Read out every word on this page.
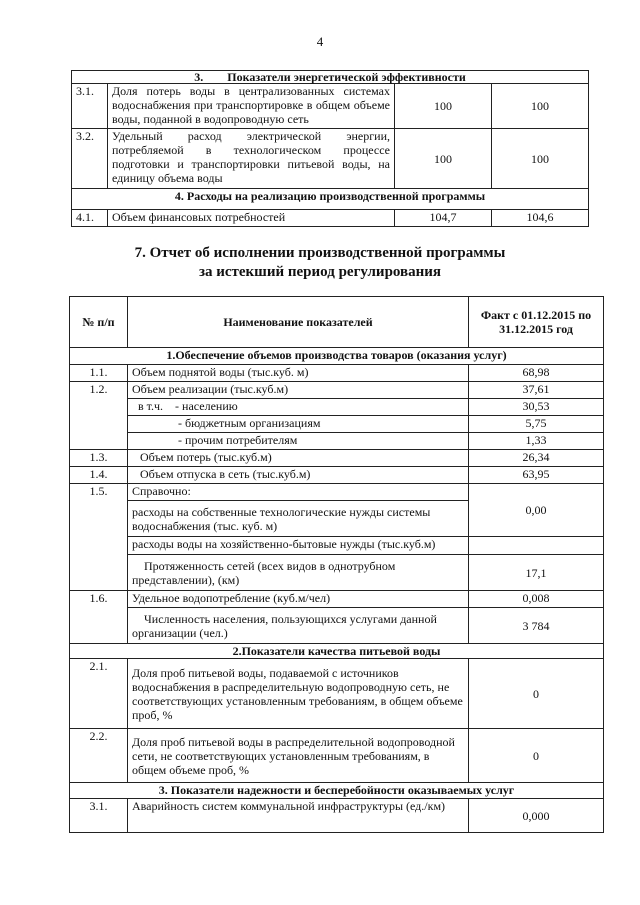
4
3.        Показатели энергетической эффективности			
3.1.	Доля потерь воды в централизованных системах водоснабжения при транспортировке в общем объеме воды, поданной в водопроводную сеть	100	100
3.2.	Удельный расход электрической энергии, потребляемой в технологическом процессе подготовки и транспортировки питьевой воды, на единицу объема воды	100	100
4. Расходы на реализацию производственной программы			
4.1.	Объем финансовых потребностей	104,7	104,6
7. Отчет об исполнении производственной программы
за истекший период регулирования
№ п/п	Наименование показателей	Факт с 01.12.2015 по 31.12.2015 год
1.Обеспечение объемов производства товаров (оказания услуг)		
1.1.	Объем поднятой воды (тыс.куб. м)	68,98
1.2.	Объем реализации (тыс.куб.м)	37,61
	в т.ч.    - населению	30,53
	- бюджетным организациям	5,75
	- прочим потребителям	1,33
1.3.	Объем потерь (тыс.куб.м)	26,34
1.4.	Объем отпуска в сеть (тыс.куб.м)	63,95
1.5.	Справочно:	0,00
	расходы на собственные технологические нужды системы водоснабжения (тыс. куб. м)	
	расходы воды на хозяйственно-бытовые нужды (тыс.куб.м)	
	Протяженность сетей (всех видов в однотрубном представлении), (км)	17,1
1.6.	Удельное водопотребление (куб.м/чел)	0,008
	Численность населения, пользующихся услугами данной организации (чел.)	3 784
2.Показатели качества питьевой воды		
2.1.	Доля проб питьевой воды, подаваемой с источников водоснабжения в распределительную водопроводную сеть, не соответствующих установленным требованиям, в общем объеме проб, %	0
2.2.	Доля проб питьевой воды в распределительной водопроводной сети, не соответствующих установленным требованиям, в общем объеме проб, %	0
3. Показатели надежности и бесперебойности оказываемых услуг		
3.1.	Аварийность систем коммунальной инфраструктуры (ед./км)	0,000
